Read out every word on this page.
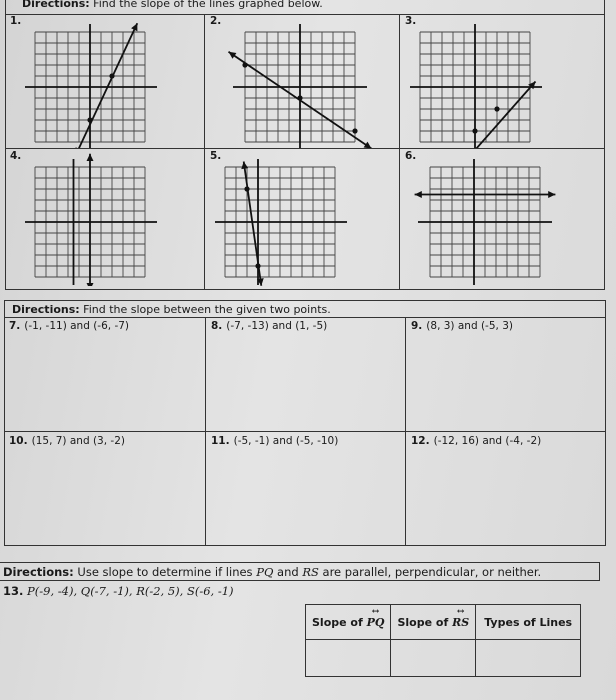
Directions: Find the slope of the lines graphed below.
1.	2.	3.
4.	5.	6.
Directions: Find the slope between the given two points.
7. (-1, -11) and (-6, -7)	8. (-7, -13) and (1, -5)	9. (8, 3) and (-5, 3)
10. (15, 7) and (3, -2)	11. (-5, -1) and (-5, -10)	12. (-12, 16) and (-4, -2)
Directions: Use slope to determine if lines PQ and RS are parallel, perpendicular, or neither.
13. P(-9, -4), Q(-7, -1), R(-2, 5), S(-6, -1)
Slope of ↔ PQ	Slope of ↔ RS	Types of Lines
